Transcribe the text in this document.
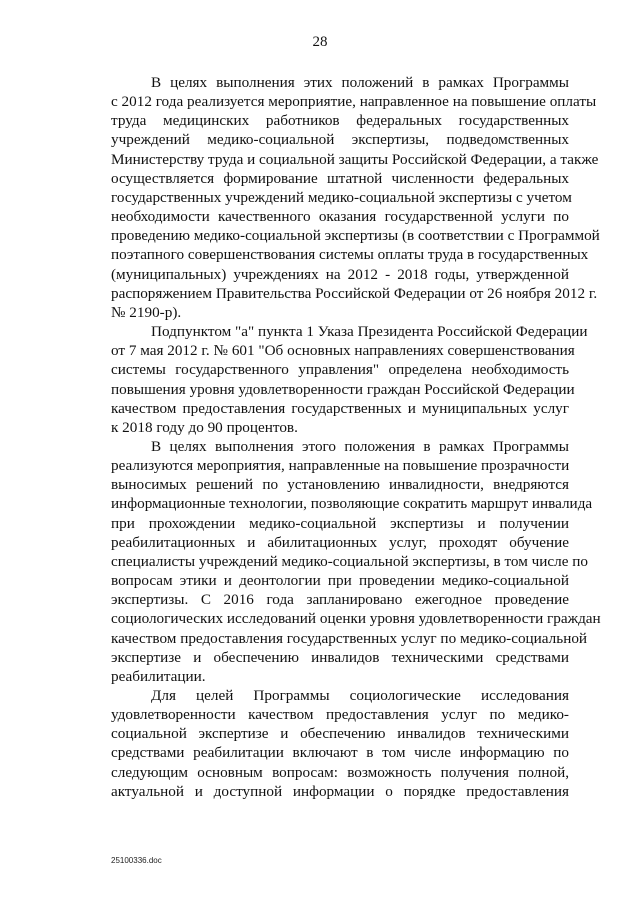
28

В целях выполнения этих положений в рамках Программы
с 2012 года реализуется мероприятие, направленное на повышение оплаты
труда медицинских работников федеральных государственных
учреждений медико-социальной экспертизы, подведомственных
Министерству труда и социальной защиты Российской Федерации, а также
осуществляется формирование штатной численности федеральных
государственных учреждений медико-социальной экспертизы с учетом
необходимости качественного оказания государственной услуги по
проведению медико-социальной экспертизы (в соответствии с Программой
поэтапного совершенствования системы оплаты труда в государственных
(муниципальных) учреждениях на 2012 - 2018 годы, утвержденной
распоряжением Правительства Российской Федерации от 26 ноября 2012 г.
№ 2190-р).

Подпунктом "а" пункта 1 Указа Президента Российской Федерации
от 7 мая 2012 г. № 601 "Об основных направлениях совершенствования
системы государственного управления" определена необходимость
повышения уровня удовлетворенности граждан Российской Федерации
качеством предоставления государственных и муниципальных услуг
к 2018 году до 90 процентов.

В целях выполнения этого положения в рамках Программы
реализуются мероприятия, направленные на повышение прозрачности
выносимых решений по установлению инвалидности, внедряются
информационные технологии, позволяющие сократить маршрут инвалида
при прохождении медико-социальной экспертизы и получении
реабилитационных и абилитационных услуг, проходят обучение
специалисты учреждений медико-социальной экспертизы, в том числе по
вопросам этики и деонтологии при проведении медико-социальной
экспертизы. С 2016 года запланировано ежегодное проведение
социологических исследований оценки уровня удовлетворенности граждан
качеством предоставления государственных услуг по медико-социальной
экспертизе и обеспечению инвалидов техническими средствами
реабилитации.

Для целей Программы социологические исследования
удовлетворенности качеством предоставления услуг по медико-
социальной экспертизе и обеспечению инвалидов техническими
средствами реабилитации включают в том числе информацию по
следующим основным вопросам: возможность получения полной,
актуальной и доступной информации о порядке предоставления

25100336.doc
